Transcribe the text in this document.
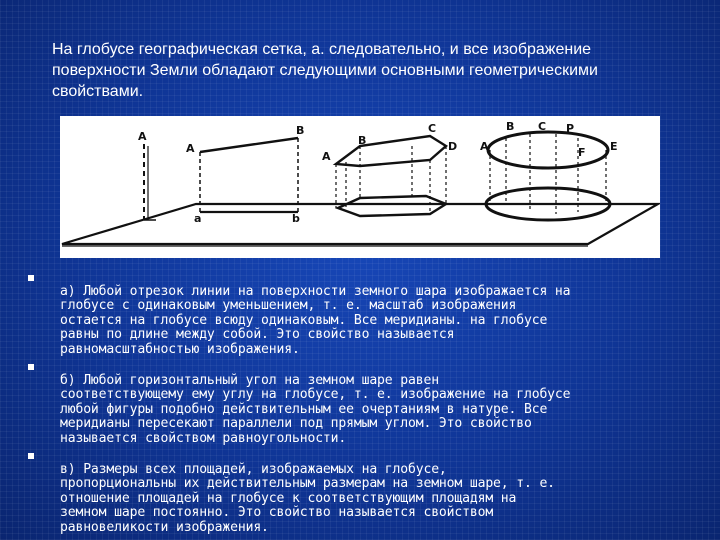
На глобусе географическая сетка, а. следовательно, и все изображение
поверхности Земли обладают следующими основными геометрическими
свойствами.
A
A
B
a	b
A
B
C
D A
B C P
E
F

а) Любой отрезок линии на поверхности земного шара изображается на
глобусе с одинаковым уменьшением, т. е. масштаб изображения
остается на глобусе всюду одинаковым. Все меридианы. на глобусе
равны по длине между собой. Это свойство называется
равномасштабностью изображения.

б) Любой горизонтальный угол на земном шаре равен
соответствующему ему углу на глобусе, т. е. изображение на глобусе
любой фигуры подобно действительным ее очертаниям в натуре. Все
меридианы пересекают параллели под прямым углом. Это свойство
называется свойством равноугольности.

в) Размеры всех площадей, изображаемых на глобусе,
пропорциональны их действительным размерам на земном шаре, т. е.
отношение площадей на глобусе к соответствующим площадям на
земном шаре постоянно. Это свойство называется свойством
равновеликости изображения.
